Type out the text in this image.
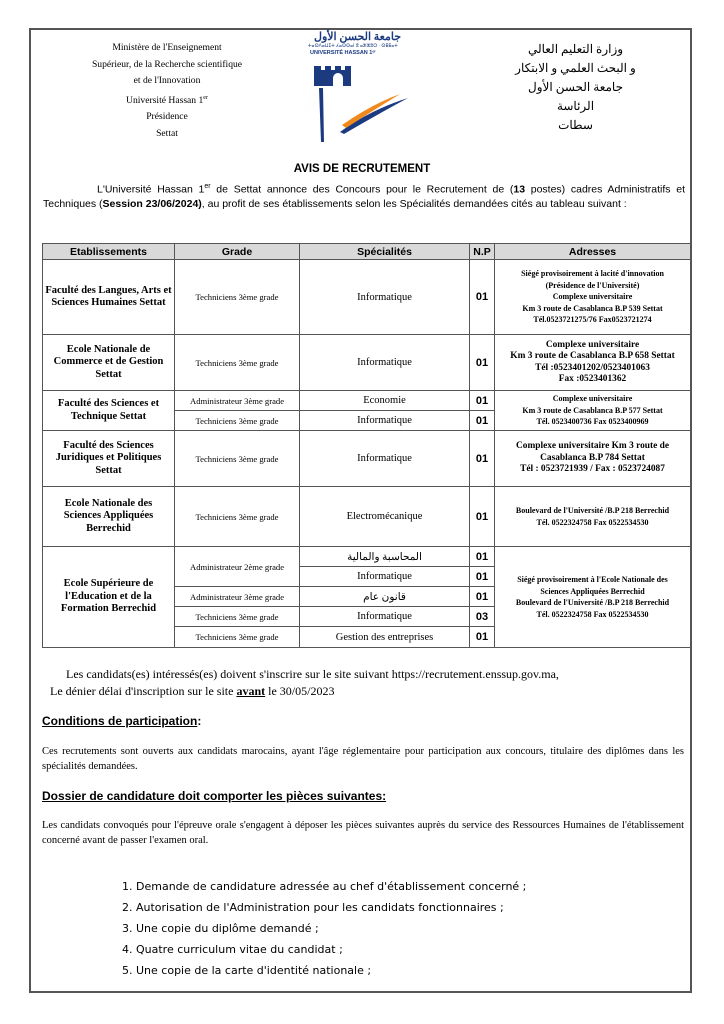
Ministère de l'Enseignement
Supérieur, de la Recherche scientifique
et de l'Innovation
Université Hassan 1er
Présidence
Settat
جامعة الحسن الأول
ⵜⴰⵙⴷⴰⵡⵉⵜ ⵃⴰⵙⵙⴰⵏ ⵓ ⴰⵣⵣⵓⵔ · ⵙⵟⵟⴰⵜ
UNIVERSITÉ HASSAN 1ᵉʳ	وزارة التعليم العالي
و البحث العلمي و الابتكار
جامعة الحسن الأول
الرئاسة
سطات
AVIS DE RECRUTEMENT

L'Université Hassan 1er de Settat annonce des Concours pour le Recrutement de (13 postes) cadres Administratifs et Techniques (Session 23/06/2024), au profit de ses établissements selon les Spécialités demandées cités au tableau suivant :

Etablissements	Grade	Spécialités	N.P	Adresses
Faculté des Langues, Arts et Sciences Humaines Settat	Techniciens 3ème grade	Informatique	01	Siégé provisoirement à lacité d'innovation
(Présidence de l'Université)
Complexe universitaire
Km 3 route de Casablanca B.P 539 Settat
Tél.0523721275/76 Fax0523721274

Ecole Nationale de Commerce et de Gestion Settat	Techniciens 3ème grade	Informatique	01	Complexe universitaire
Km 3 route de Casablanca B.P 658 Settat
Tél :0523401202/0523401063
Fax :0523401362

Faculté des Sciences et Technique Settat	Administrateur 3ème grade	Economie	01	Complexe universitaire
Km 3 route de Casablanca B.P 577 Settat
Tél. 0523400736 Fax 0523400969

	Techniciens 3ème grade	Informatique	01	
Faculté des Sciences Juridiques et Politiques Settat	Techniciens 3ème grade	Informatique	01	Complexe universitaire Km 3 route de
Casablanca B.P 784 Settat
Tél : 0523721939 / Fax : 0523724087

Ecole Nationale des Sciences Appliquées Berrechid	Techniciens 3ème grade	Electromécanique	01	Boulevard de l'Université /B.P 218 Berrechid
Tél. 0522324758 Fax 0522534530

Ecole Supérieure de l'Education et de la Formation Berrechid	Administrateur 2ème grade	المحاسبة والمالية	01	Siégé provisoirement à l'Ecole Nationale des
Sciences Appliquées Berrechid
Boulevard de l'Université /B.P 218 Berrechid
Tél. 0522324758 Fax 0522534530

		Informatique	01	
	Administrateur 3ème grade	قانون عام	01	
	Techniciens 3ème grade	Informatique	03	
	Techniciens 3ème grade	Gestion des entreprises	01	
Les candidats(es) intéressés(es) doivent s'inscrire sur le site suivant https://recrutement.enssup.gov.ma,
Le dénier délai d'inscription sur le site avant le 30/05/2023
Conditions de participation:
Ces recrutements sont ouverts aux candidats marocains, ayant l'âge réglementaire pour participation aux concours, titulaire des diplômes dans les spécialités demandées.
Dossier de candidature doit comporter les pièces suivantes:
Les candidats convoqués pour l'épreuve orale s'engagent à déposer les pièces suivantes auprès du service des Ressources Humaines de l'établissement concerné avant de passer l'examen oral.
1. Demande de candidature adressée au chef d'établissement concerné ;
2. Autorisation de l'Administration pour les candidats fonctionnaires ;
3. Une copie du diplôme demandé ;
4. Quatre curriculum vitae du candidat ;
5. Une copie de la carte d'identité nationale ;
